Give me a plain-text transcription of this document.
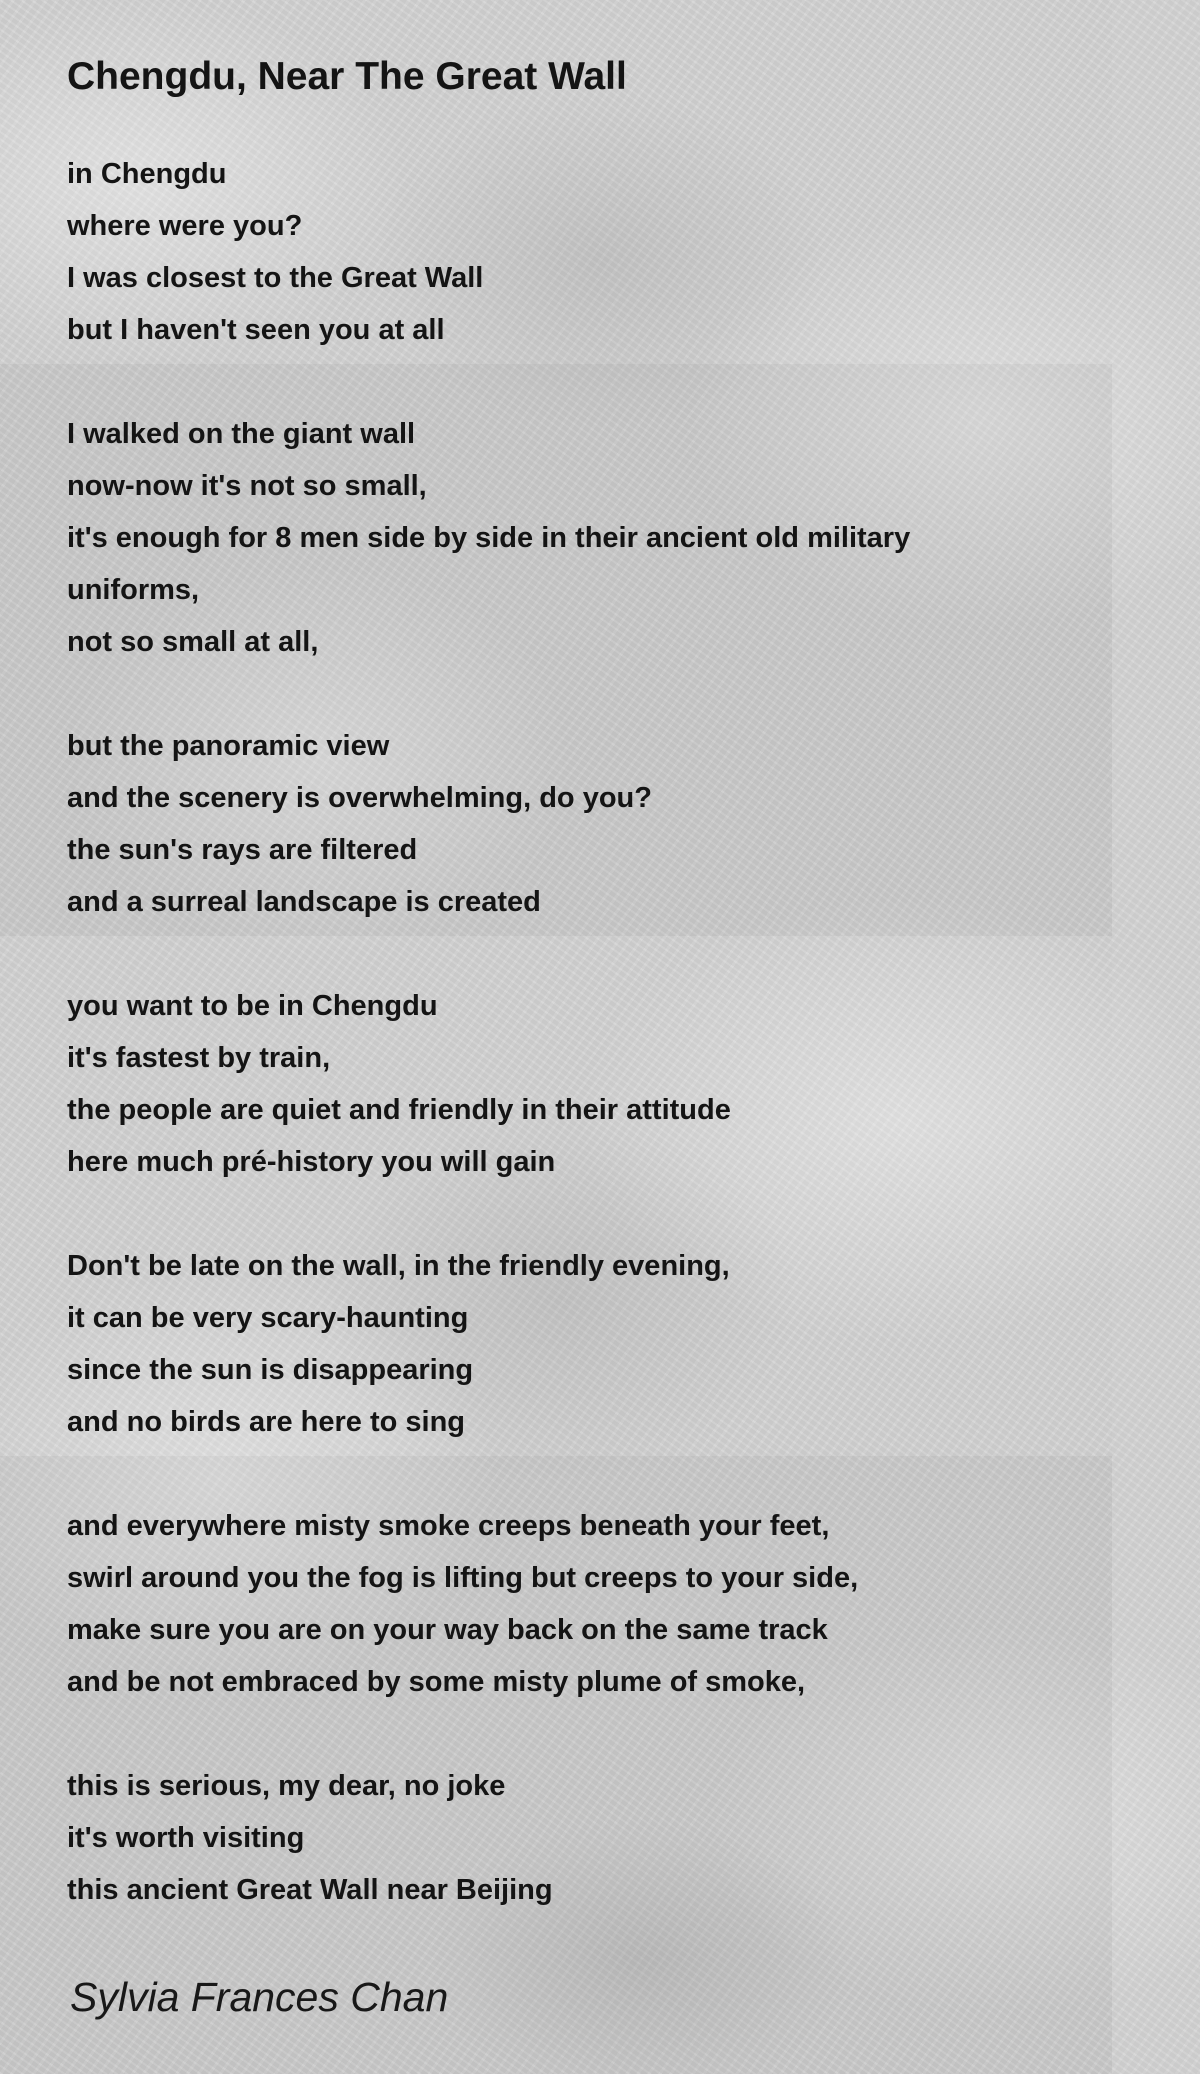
Chengdu, Near The Great Wall
in Chengdu
where were you?
I was closest to the Great Wall
but I haven't seen you at all
I walked on the giant wall
now-now it's not so small,
it's enough for 8 men side by side in their ancient old military
uniforms,
not so small at all,
but the panoramic view
and the scenery is overwhelming, do you?
the sun's rays are filtered
and a surreal landscape is created
you want to be in Chengdu
it's fastest by train,
the people are quiet and friendly in their attitude
here much pré-history you will gain
Don't be late on the wall, in the friendly evening,
it can be very scary-haunting
since the sun is disappearing
and no birds are here to sing
and everywhere misty smoke creeps beneath your feet,
swirl around you the fog is lifting but creeps to your side,
make sure you are on your way back on the same track
and be not embraced by some misty plume of smoke,
this is serious, my dear, no joke
it's worth visiting
this ancient Great Wall near Beijing
Sylvia Frances Chan
